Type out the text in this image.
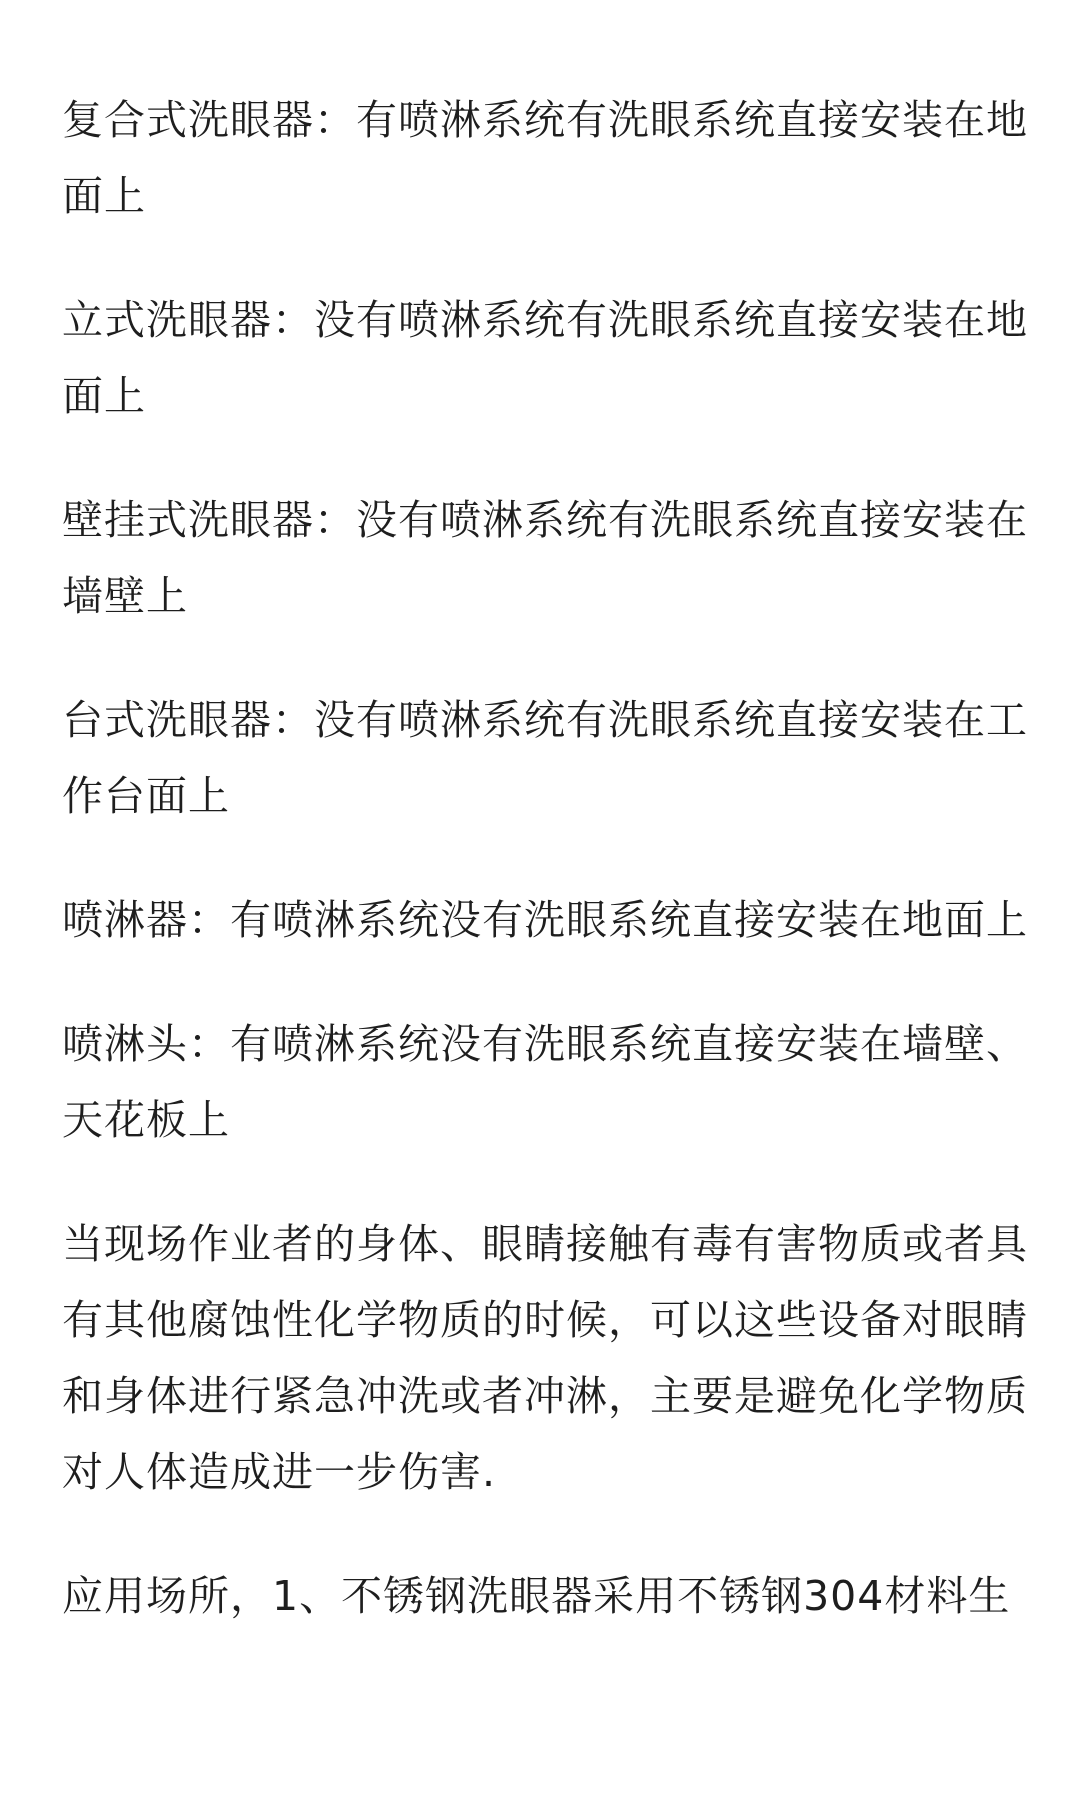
复合式洗眼器：有喷淋系统有洗眼系统直接安装在地面上

立式洗眼器：没有喷淋系统有洗眼系统直接安装在地面上

壁挂式洗眼器：没有喷淋系统有洗眼系统直接安装在墙壁上

台式洗眼器：没有喷淋系统有洗眼系统直接安装在工作台面上

喷淋器：有喷淋系统没有洗眼系统直接安装在地面上

喷淋头：有喷淋系统没有洗眼系统直接安装在墙壁、天花板上

当现场作业者的身体、眼睛接触有毒有害物质或者具有其他腐蚀性化学物质的时候，可以这些设备对眼睛和身体进行紧急冲洗或者冲淋，主要是避免化学物质对人体造成进一步伤害.

应用场所，1、不锈钢洗眼器采用不锈钢304材料生
